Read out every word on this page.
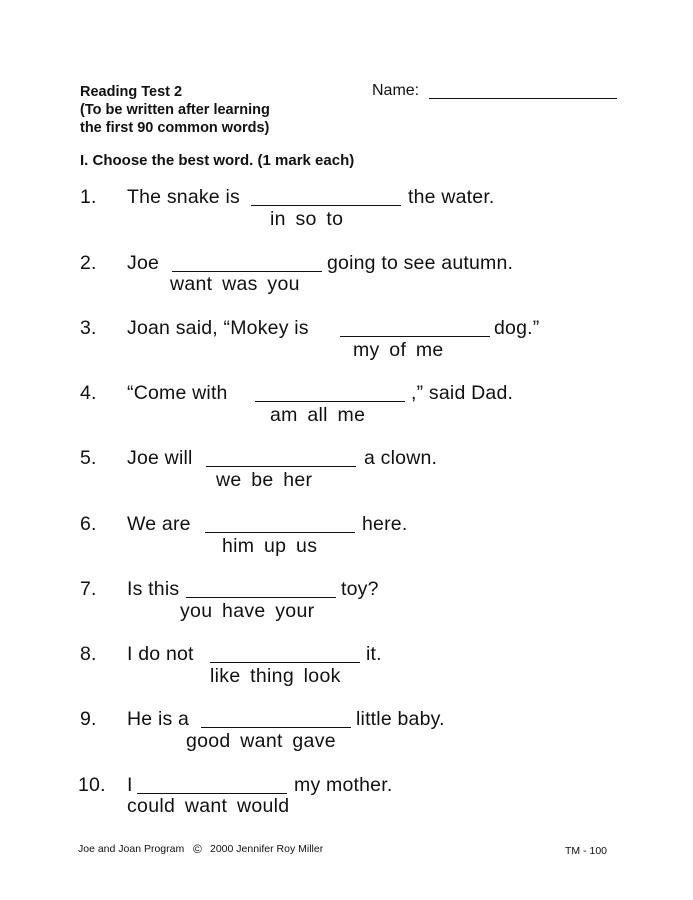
Reading Test 2
(To be written after learning
the first 90 common words)
Name:
I. Choose the best word. (1 mark each)
1. The snake is	the water.
in so to
2. Joe	going to see autumn.
want was you
3. Joan said, “Mokey is	dog.”
my of me
4. “Come with	,” said Dad.
am all me
5. Joe will	a clown.
we be her
6. We are	here.
him up us
7. Is this	toy?
you have your
8. I do not	it.
like thing look
9. He is a	little baby.
good want gave
10. I	my mother.
could want would
Joe and Joan Program © 2000 Jennifer Roy Miller	TM - 100
